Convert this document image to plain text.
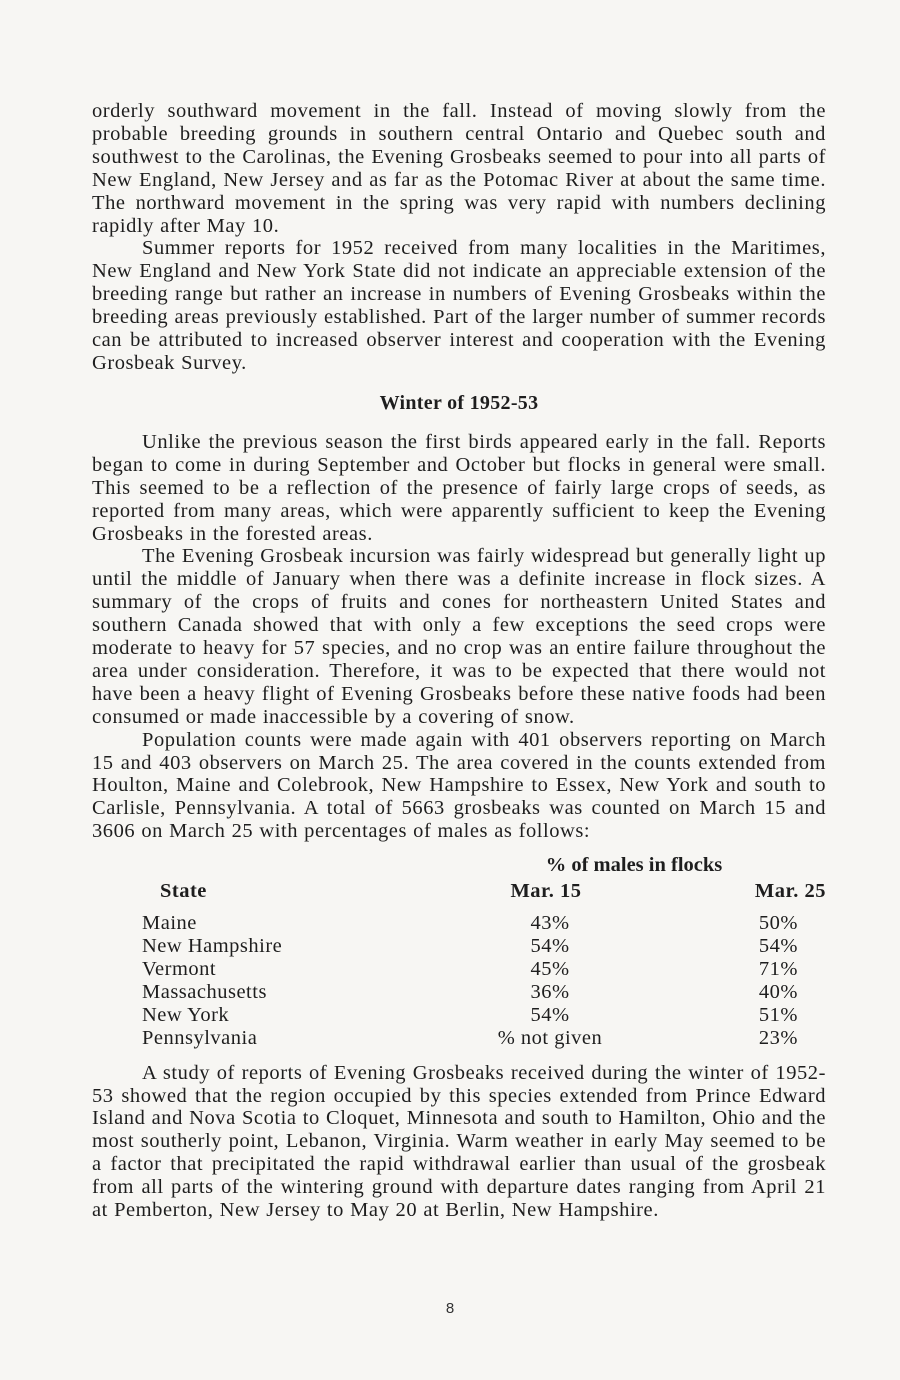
orderly southward movement in the fall. Instead of moving slowly from the probable breeding grounds in southern central Ontario and Quebec south and southwest to the Carolinas, the Evening Grosbeaks seemed to pour into all parts of New England, New Jersey and as far as the Potomac River at about the same time. The northward movement in the spring was very rapid with numbers declining rapidly after May 10.

Summer reports for 1952 received from many localities in the Maritimes, New England and New York State did not indicate an appreciable extension of the breeding range but rather an increase in numbers of Evening Grosbeaks within the breeding areas previously established. Part of the larger number of summer records can be attributed to increased observer interest and cooperation with the Evening Grosbeak Survey.

Winter of 1952-53

Unlike the previous season the first birds appeared early in the fall. Reports began to come in during September and October but flocks in general were small. This seemed to be a reflection of the presence of fairly large crops of seeds, as reported from many areas, which were apparently sufficient to keep the Evening Grosbeaks in the forested areas.

The Evening Grosbeak incursion was fairly widespread but generally light up until the middle of January when there was a definite increase in flock sizes. A summary of the crops of fruits and cones for northeastern United States and southern Canada showed that with only a few exceptions the seed crops were moderate to heavy for 57 species, and no crop was an entire failure throughout the area under consideration. Therefore, it was to be expected that there would not have been a heavy flight of Evening Grosbeaks before these native foods had been consumed or made inaccessible by a covering of snow.

Population counts were made again with 401 observers reporting on March 15 and 403 observers on March 25. The area covered in the counts extended from Houlton, Maine and Colebrook, New Hampshire to Essex, New York and south to Carlisle, Pennsylvania. A total of 5663 grosbeaks was counted on March 15 and 3606 on March 25 with percentages of males as follows:

% of males in flocks
State	Mar. 15	Mar. 25
Maine	43%	50%
New Hampshire	54%	54%
Vermont	45%	71%
Massachusetts	36%	40%
New York	54%	51%
Pennsylvania	% not given	23%

A study of reports of Evening Grosbeaks received during the winter of 1952-53 showed that the region occupied by this species extended from Prince Edward Island and Nova Scotia to Cloquet, Minnesota and south to Hamilton, Ohio and the most southerly point, Lebanon, Virginia. Warm weather in early May seemed to be a factor that precipitated the rapid withdrawal earlier than usual of the grosbeak from all parts of the wintering ground with departure dates ranging from April 21 at Pemberton, New Jersey to May 20 at Berlin, New Hampshire.

8
